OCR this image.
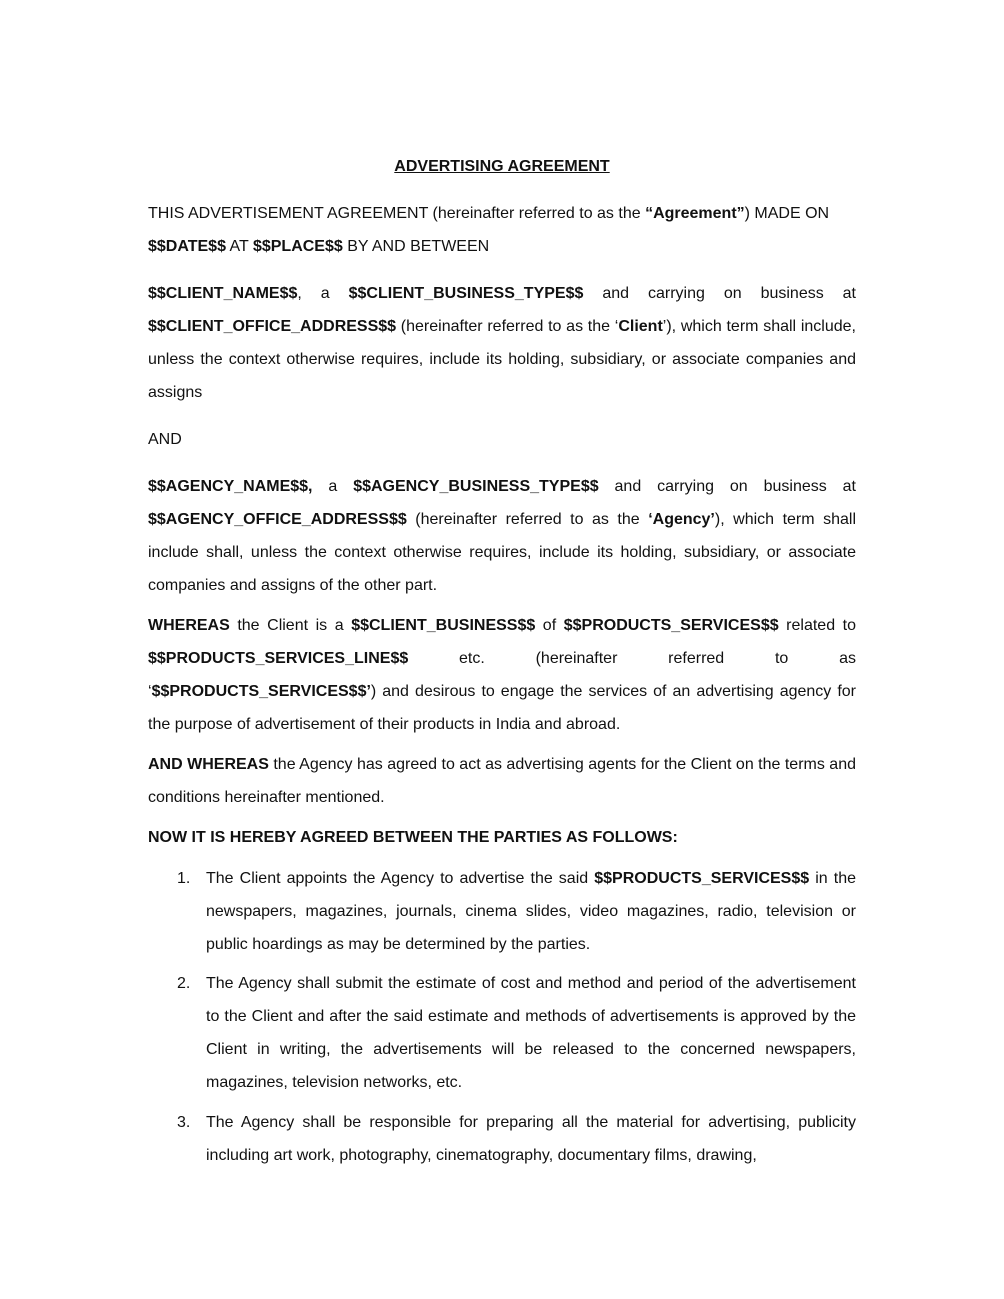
ADVERTISING AGREEMENT
THIS ADVERTISEMENT AGREEMENT (hereinafter referred to as the “Agreement”) MADE ON
$$DATE$$ AT $$PLACE$$ BY AND BETWEEN
$$CLIENT_NAME$$, a $$CLIENT_BUSINESS_TYPE$$ and carrying on business at $$CLIENT_OFFICE_ADDRESS$$ (hereinafter referred to as the ‘Client’), which term shall include, unless the context otherwise requires, include its holding, subsidiary, or associate companies and assigns
AND
$$AGENCY_NAME$$, a $$AGENCY_BUSINESS_TYPE$$ and carrying on business at $$AGENCY_OFFICE_ADDRESS$$ (hereinafter referred to as the ‘Agency’), which term shall include shall, unless the context otherwise requires, include its holding, subsidiary, or associate companies and assigns of the other part.
WHEREAS the Client is a $$CLIENT_BUSINESS$$ of $$PRODUCTS_SERVICES$$ related to $$PRODUCTS_SERVICES_LINE$$ etc. (hereinafter referred to as ‘$$PRODUCTS_SERVICES$$’) and desirous to engage the services of an advertising agency for the purpose of advertisement of their products in India and abroad.
AND WHEREAS the Agency has agreed to act as advertising agents for the Client on the terms and conditions hereinafter mentioned.
NOW IT IS HEREBY AGREED BETWEEN THE PARTIES AS FOLLOWS:
1. The Client appoints the Agency to advertise the said $$PRODUCTS_SERVICES$$ in the newspapers, magazines, journals, cinema slides, video magazines, radio, television or public hoardings as may be determined by the parties.
2. The Agency shall submit the estimate of cost and method and period of the advertisement to the Client and after the said estimate and methods of advertisements is approved by the Client in writing, the advertisements will be released to the concerned newspapers, magazines, television networks, etc.
3. The Agency shall be responsible for preparing all the material for advertising, publicity including art work, photography, cinematography, documentary films, drawing,
